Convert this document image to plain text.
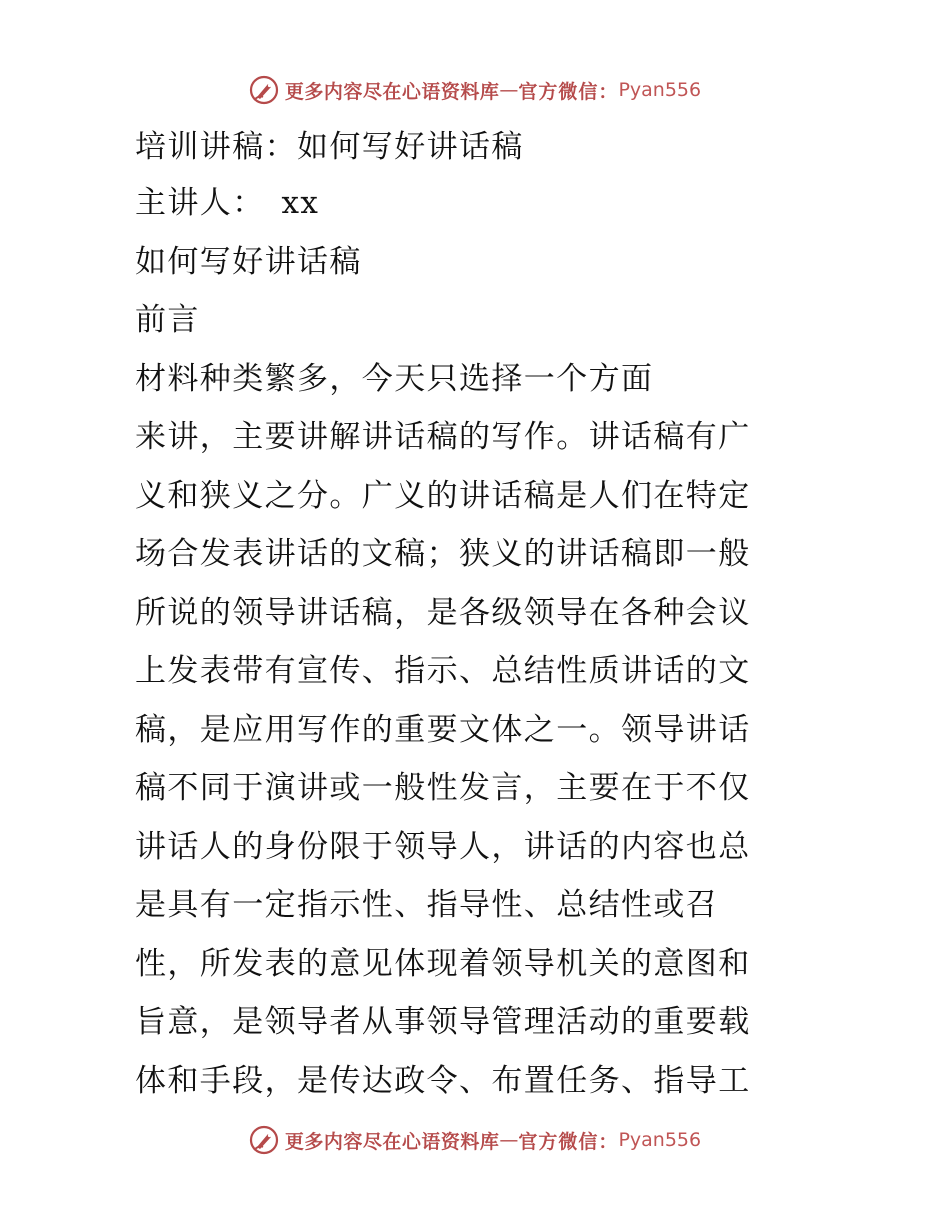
更多内容尽在心语资料库 — 官方微信： Pyan556
培训讲稿：如何写好讲话稿
主讲人：　xx
如何写好讲话稿
前言
材料种类繁多，今天只选择一个方面
来讲，主要讲解讲话稿的写作。讲话稿有广
义和狭义之分。广义的讲话稿是人们在特定
场合发表讲话的文稿；狭义的讲话稿即一般
所说的领导讲话稿，是各级领导在各种会议
上发表带有宣传、指示、总结性质讲话的文
稿，是应用写作的重要文体之一。领导讲话
稿不同于演讲或一般性发言，主要在于不仅
讲话人的身份限于领导人，讲话的内容也总
是具有一定指示性、指导性、总结性或召
性，所发表的意见体现着领导机关的意图和
旨意，是领导者从事领导管理活动的重要载
体和手段，是传达政令、布置任务、指导工
更多内容尽在心语资料库 — 官方微信： Pyan556
